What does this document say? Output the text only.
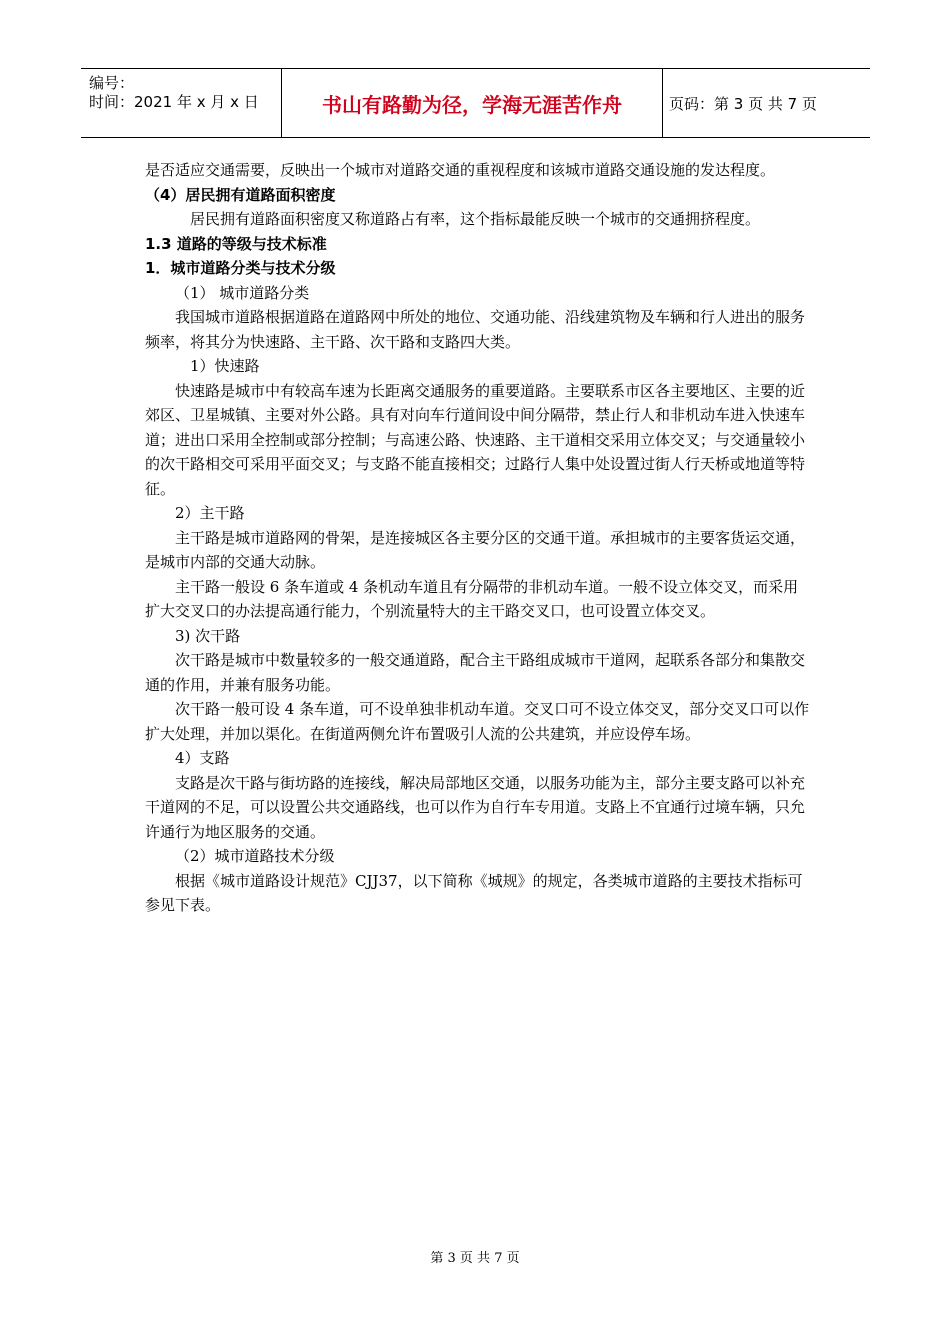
编号：
时间：2021 年 x 月 x 日	书山有路勤为径，学海无涯苦作舟	页码：第 3 页 共 7 页

是否适应交通需要，反映出一个城市对道路交通的重视程度和该城市道路交通设施的发达程度。

（4）居民拥有道路面积密度

居民拥有道路面积密度又称道路占有率，这个指标最能反映一个城市的交通拥挤程度。

1.3 道路的等级与技术标准

1．城市道路分类与技术分级

（1） 城市道路分类

我国城市道路根据道路在道路网中所处的地位、交通功能、沿线建筑物及车辆和行人进出的服务频率，将其分为快速路、主干路、次干路和支路四大类。

1）快速路

快速路是城市中有较高车速为长距离交通服务的重要道路。主要联系市区各主要地区、主要的近郊区、卫星城镇、主要对外公路。具有对向车行道间设中间分隔带，禁止行人和非机动车进入快速车道；进出口采用全控制或部分控制；与高速公路、快速路、主干道相交采用立体交叉；与交通量较小的次干路相交可采用平面交叉；与支路不能直接相交；过路行人集中处设置过街人行天桥或地道等特征。

2）主干路

主干路是城市道路网的骨架，是连接城区各主要分区的交通干道。承担城市的主要客货运交通，是城市内部的交通大动脉。

主干路一般设 6 条车道或 4 条机动车道且有分隔带的非机动车道。一般不设立体交叉，而采用扩大交叉口的办法提高通行能力，个别流量特大的主干路交叉口，也可设置立体交叉。

3) 次干路

次干路是城市中数量较多的一般交通道路，配合主干路组成城市干道网，起联系各部分和集散交通的作用，并兼有服务功能。

次干路一般可设 4 条车道，可不设单独非机动车道。交叉口可不设立体交叉，部分交叉口可以作扩大处理，并加以渠化。在街道两侧允许布置吸引人流的公共建筑，并应设停车场。

4）支路

支路是次干路与街坊路的连接线，解决局部地区交通，以服务功能为主，部分主要支路可以补充干道网的不足，可以设置公共交通路线，也可以作为自行车专用道。支路上不宜通行过境车辆，只允许通行为地区服务的交通。

（2）城市道路技术分级

根据《城市道路设计规范》CJJ37，以下简称《城规》的规定，各类城市道路的主要技术指标可参见下表。

第 3 页 共 7 页
